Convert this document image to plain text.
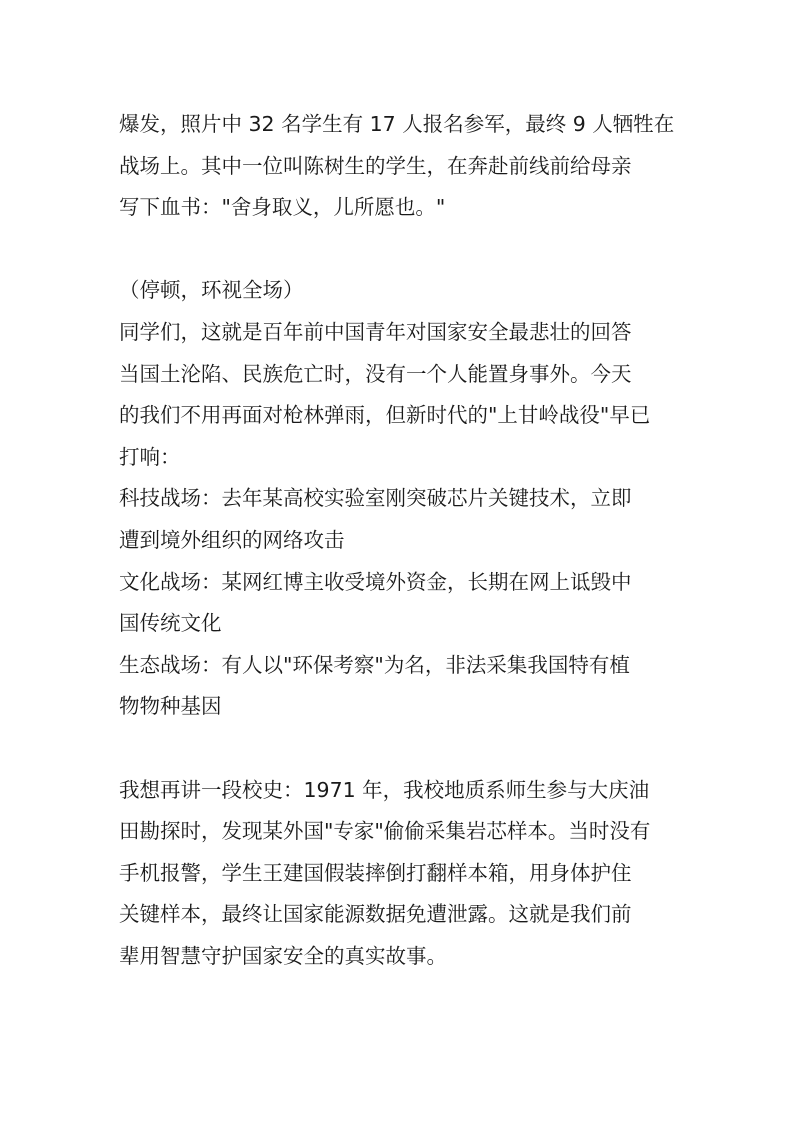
爆发，照片中 32 名学生有 17 人报名参军，最终 9 人牺牲在
战场上。其中一位叫陈树生的学生，在奔赴前线前给母亲
写下血书："舍身取义，儿所愿也。"
（停顿，环视全场）
同学们，这就是百年前中国青年对国家安全最悲壮的回答
当国土沦陷、民族危亡时，没有一个人能置身事外。今天
的我们不用再面对枪林弹雨，但新时代的"上甘岭战役"早已
打响：
科技战场：去年某高校实验室刚突破芯片关键技术，立即
遭到境外组织的网络攻击
文化战场：某网红博主收受境外资金，长期在网上诋毁中
国传统文化
生态战场：有人以"环保考察"为名，非法采集我国特有植
物物种基因
我想再讲一段校史：1971 年，我校地质系师生参与大庆油
田勘探时，发现某外国"专家"偷偷采集岩芯样本。当时没有
手机报警，学生王建国假装摔倒打翻样本箱，用身体护住
关键样本，最终让国家能源数据免遭泄露。这就是我们前
辈用智慧守护国家安全的真实故事。
